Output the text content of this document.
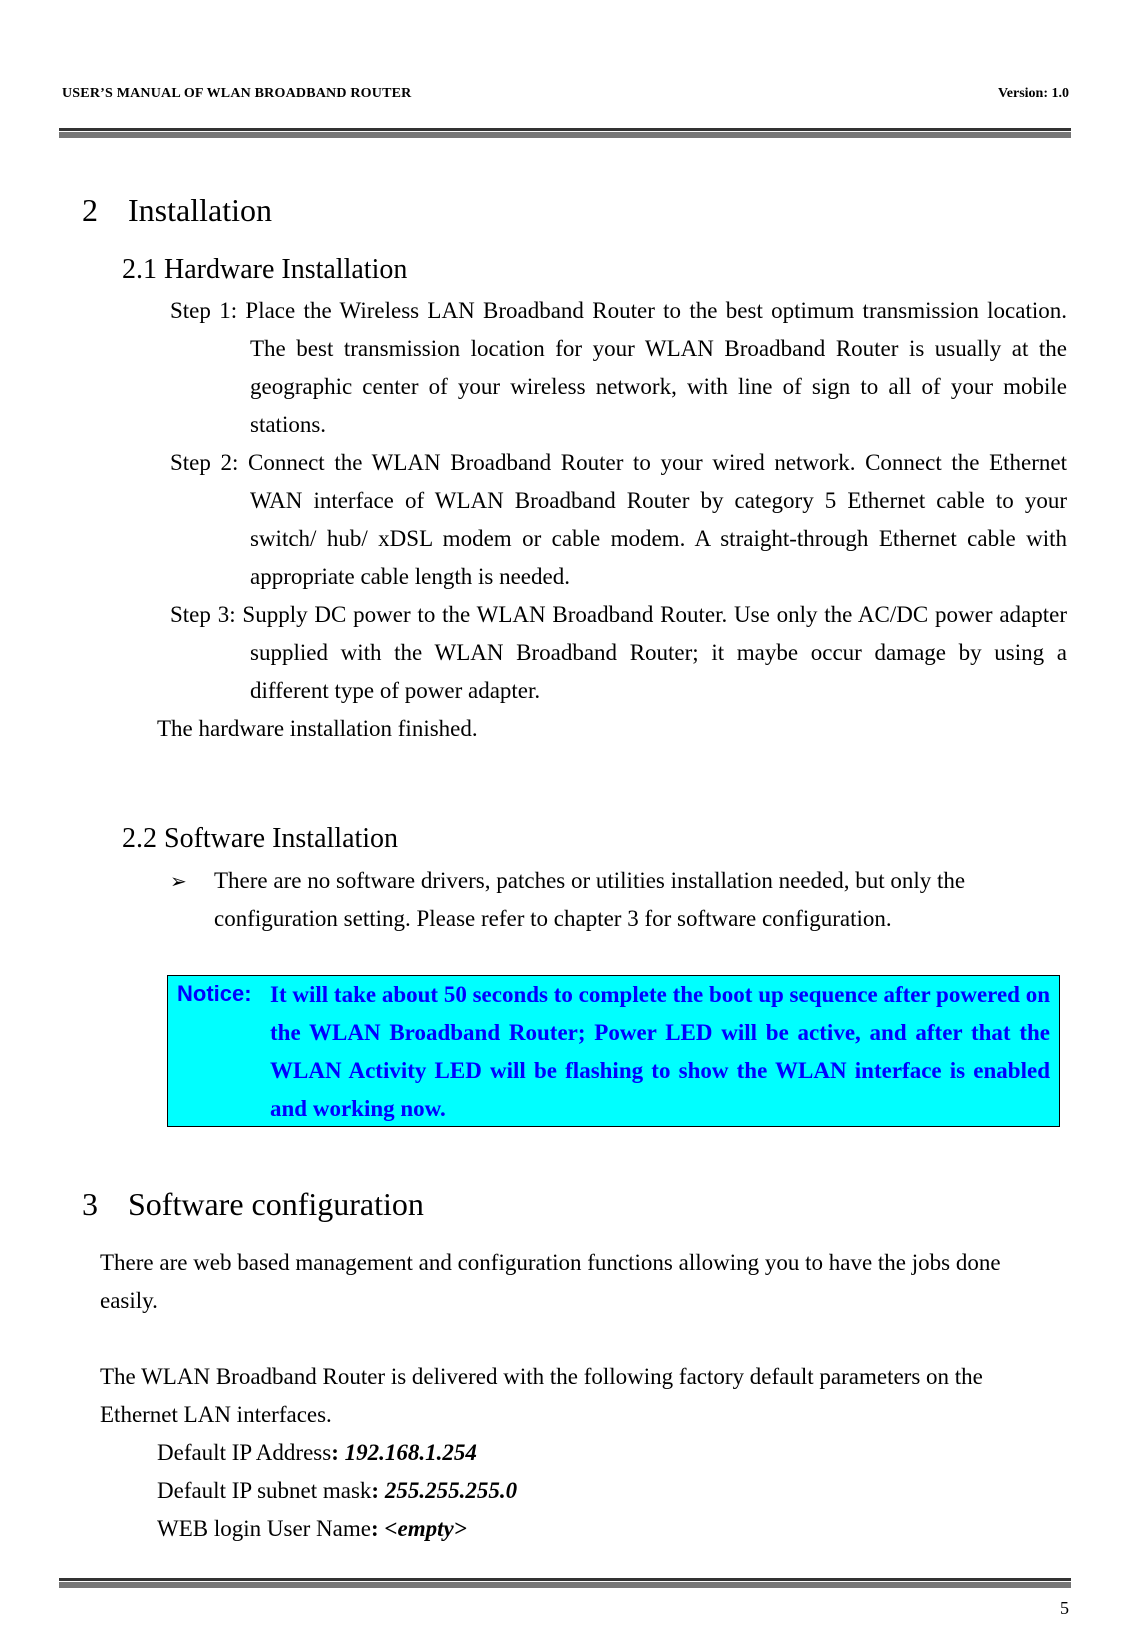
USER’S MANUAL OF WLAN BROADBAND ROUTER	Version: 1.0
2 Installation
2.1 Hardware Installation
Step 1: Place the Wireless LAN Broadband Router to the best optimum transmission location. The best transmission location for your WLAN Broadband Router is usually at the geographic center of your wireless network, with line of sign to all of your mobile stations.
Step 2: Connect the WLAN Broadband Router to your wired network. Connect the Ethernet WAN interface of WLAN Broadband Router by category 5 Ethernet cable to your switch/ hub/ xDSL modem or cable modem. A straight-through Ethernet cable with appropriate cable length is needed.
Step 3: Supply DC power to the WLAN Broadband Router. Use only the AC/DC power adapter supplied with the WLAN Broadband Router; it maybe occur damage by using a different type of power adapter.
The hardware installation finished.
2.2 Software Installation
➢ There are no software drivers, patches or utilities installation needed, but only the configuration setting. Please refer to chapter 3 for software configuration.
Notice: It will take about 50 seconds to complete the boot up sequence after powered on the WLAN Broadband Router; Power LED will be active, and after that the WLAN Activity LED will be flashing to show the WLAN interface is enabled and working now.
3 Software configuration
There are web based management and configuration functions allowing you to have the jobs done easily.
The WLAN Broadband Router is delivered with the following factory default parameters on the Ethernet LAN interfaces.
Default IP Address: 192.168.1.254
Default IP subnet mask: 255.255.255.0
WEB login User Name: <empty>
5
